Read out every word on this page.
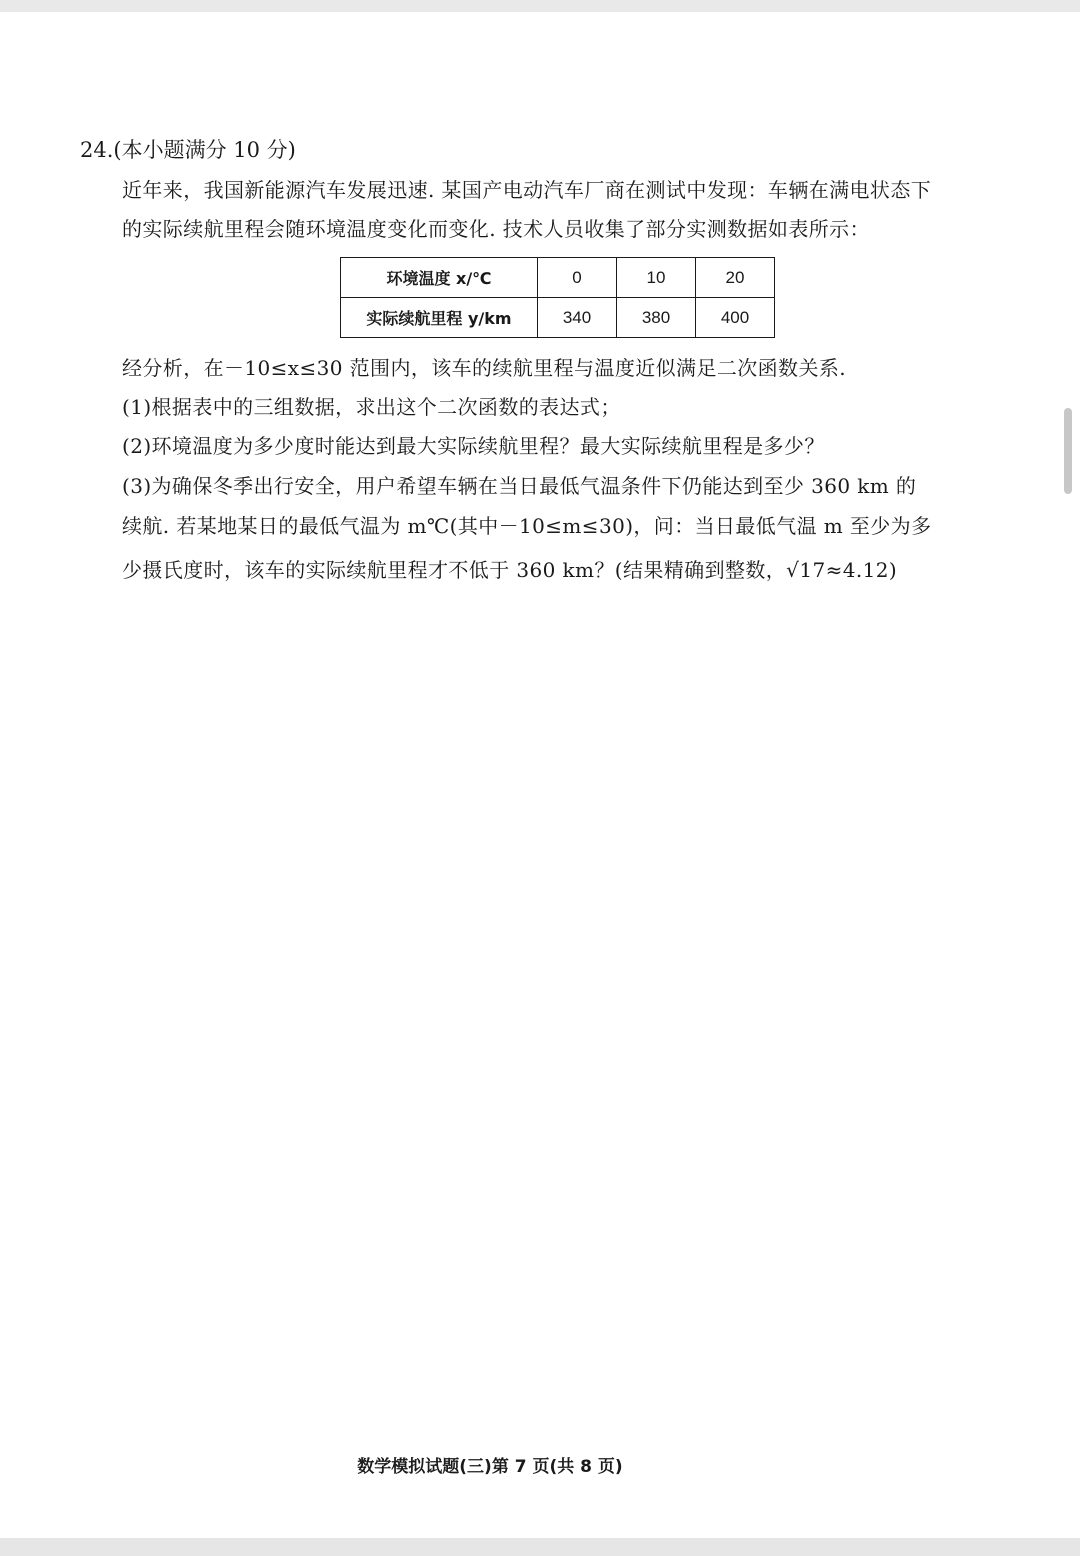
24.(本小题满分 10 分)
近年来，我国新能源汽车发展迅速. 某国产电动汽车厂商在测试中发现：车辆在满电状态下
的实际续航里程会随环境温度变化而变化. 技术人员收集了部分实测数据如表所示：
环境温度 x/℃	0	10	20
实际续航里程 y/km	340	380	400
经分析，在－10≤x≤30 范围内，该车的续航里程与温度近似满足二次函数关系.
(1)根据表中的三组数据，求出这个二次函数的表达式；
(2)环境温度为多少度时能达到最大实际续航里程？最大实际续航里程是多少？
(3)为确保冬季出行安全，用户希望车辆在当日最低气温条件下仍能达到至少 360 km 的
续航. 若某地某日的最低气温为 m℃(其中－10≤m≤30)，问：当日最低气温 m 至少为多
少摄氏度时，该车的实际续航里程才不低于 360 km？(结果精确到整数，√17≈4.12)
数学模拟试题(三)第 7 页(共 8 页)
